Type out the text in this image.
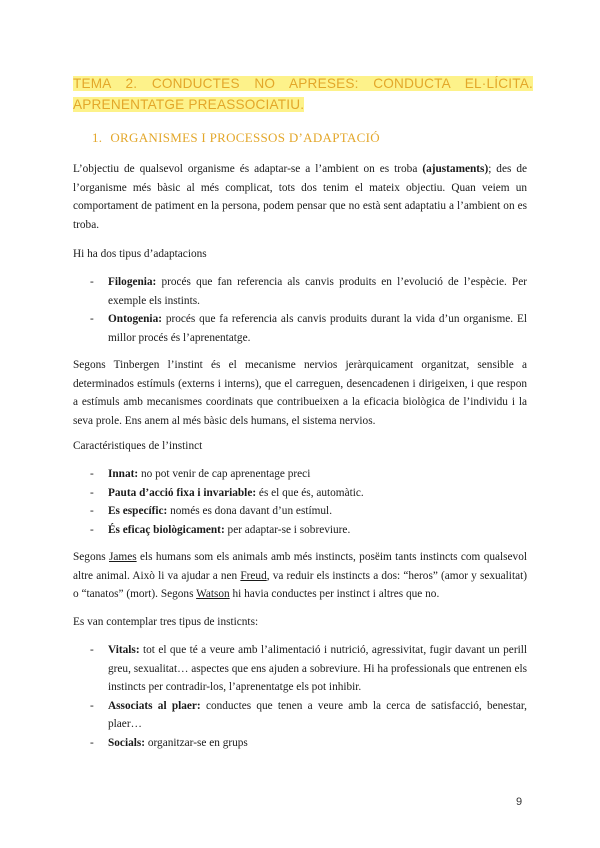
TEMA 2. CONDUCTES NO APRESES: CONDUCTA EL·LÍCITA.
APRENENTATGE PREASSOCIATIU.
1. ORGANISMES I PROCESSOS D’ADAPTACIÓ

L’objectiu de qualsevol organisme és adaptar-se a l’ambient on es troba (ajustaments); des de l’organisme més bàsic al més complicat, tots dos tenim el mateix objectiu. Quan veiem un comportament de patiment en la persona, podem pensar que no està sent adaptatiu a l’ambient on es troba.

Hi ha dos tipus d’adaptacions

- Filogenia: procés que fan referencia als canvis produits en l’evolució de l’espècie. Per exemple els instints.
- Ontogenia: procés que fa referencia als canvis produits durant la vida d’un organisme. El millor procés és l’aprenentatge.

Segons Tinbergen l’instint és el mecanisme nervios jeràrquicament organitzat, sensible a determinados estímuls (externs i interns), que el carreguen, desencadenen i dirigeixen, i que respon a estímuls amb mecanismes coordinats que contribueixen a la eficacia biològica de l’individu i la seva prole. Ens anem al més bàsic dels humans, el sistema nervios.

Caractéristiques de l’instinct

- Innat: no pot venir de cap aprenentage preci
- Pauta d’acció fixa i invariable: és el que és, automàtic.
- Es específic: només es dona davant d’un estímul.
- És eficaç biològicament: per adaptar-se i sobreviure.

Segons James els humans som els animals amb més instincts, posëim tants instincts com qualsevol altre animal. Això li va ajudar a nen Freud, va reduir els instincts a dos: “heros” (amor y sexualitat) o “tanatos” (mort). Segons Watson hi havia conductes per instinct i altres que no.

Es van contemplar tres tipus de insticnts:

- Vitals: tot el que té a veure amb l’alimentació i nutrició, agressivitat, fugir davant un perill greu, sexualitat… aspectes que ens ajuden a sobreviure. Hi ha professionals que entrenen els instincts per contradir-los, l’aprenentatge els pot inhibir.
- Associats al plaer: conductes que tenen a veure amb la cerca de satisfacció, benestar, plaer…
- Socials: organitzar-se en grups
9
